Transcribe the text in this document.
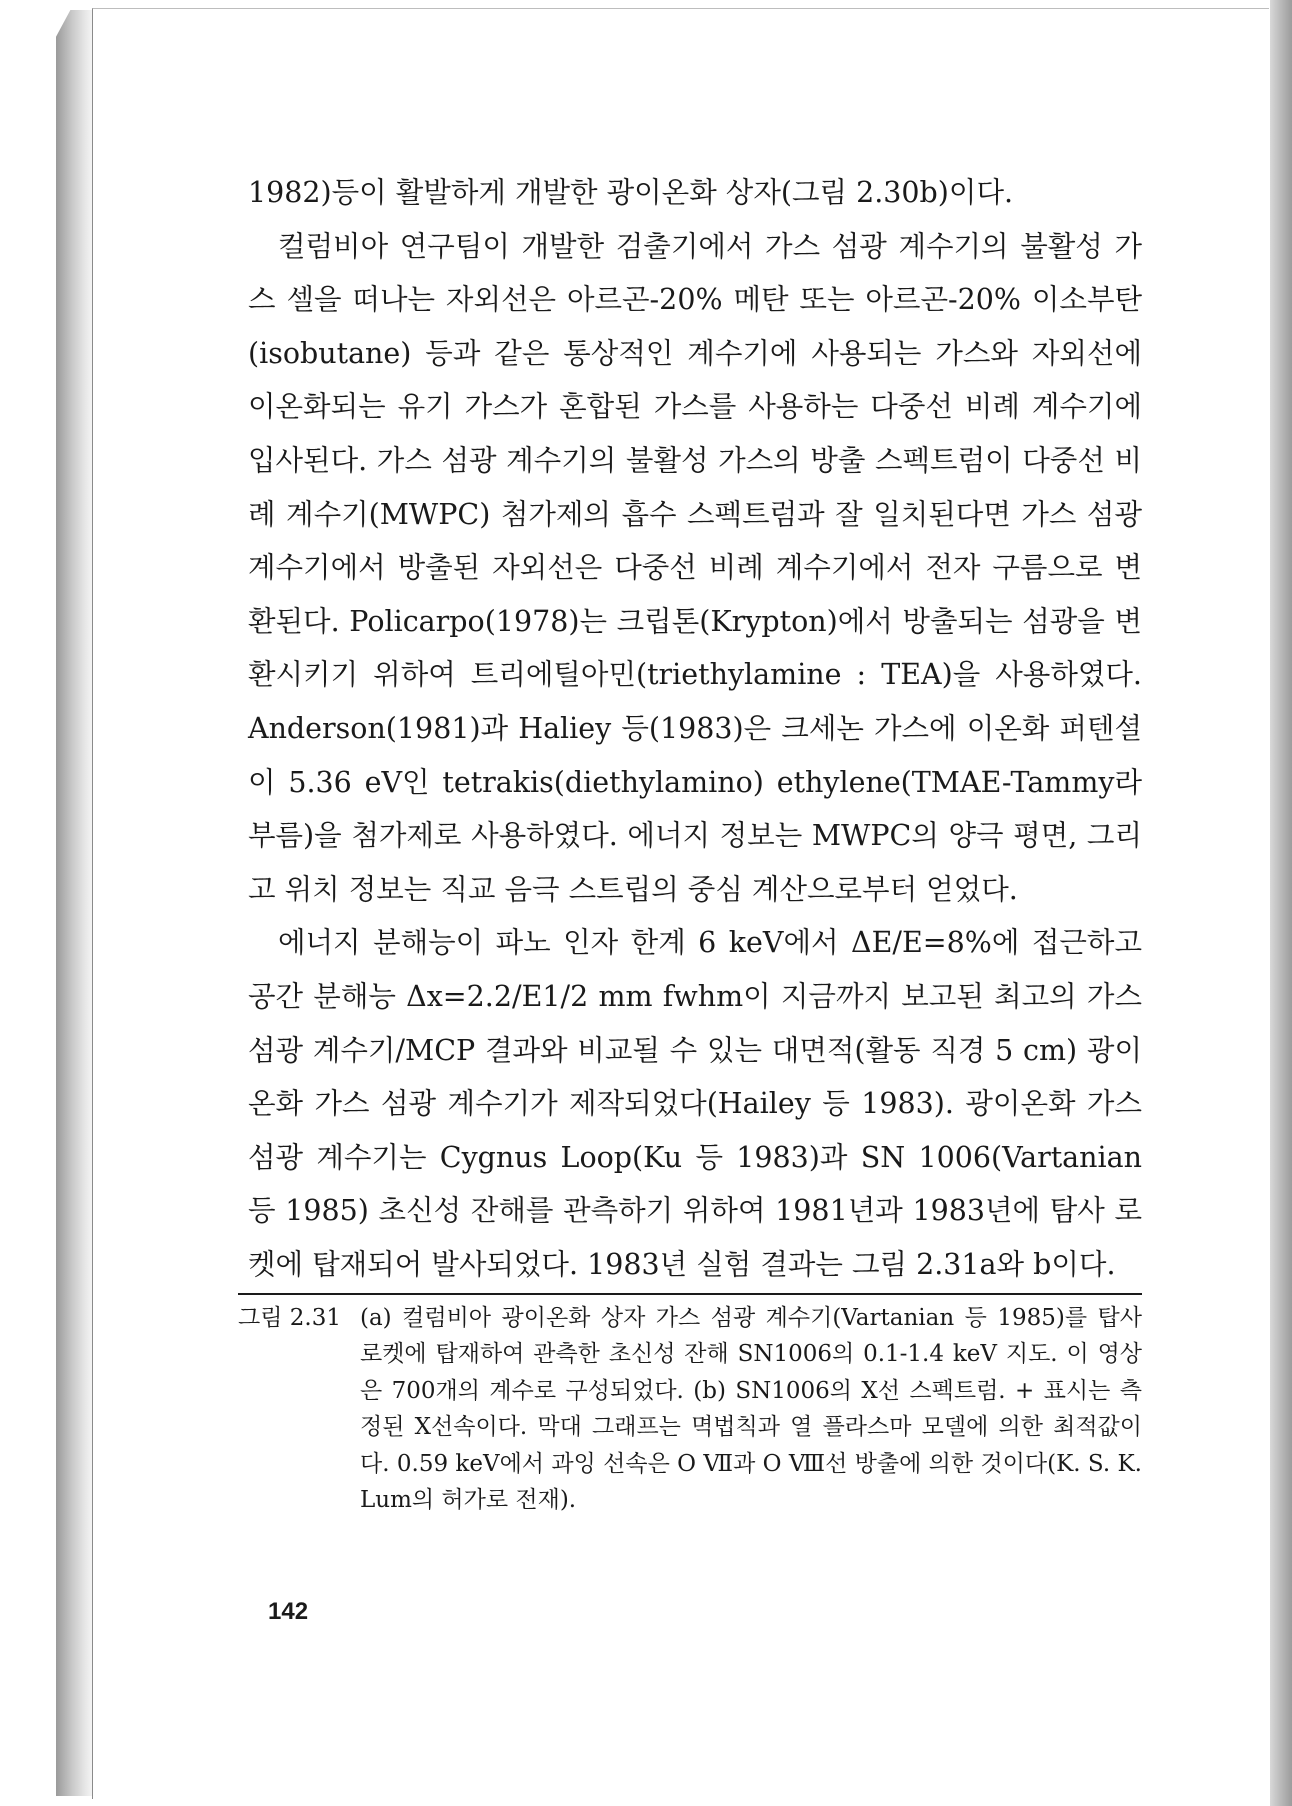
1982)등이 활발하게 개발한 광이온화 상자(그림 2.30b)이다.

컬럼비아 연구팀이 개발한 검출기에서 가스 섬광 계수기의 불활성 가스 셀을 떠나는 자외선은 아르곤-20% 메탄 또는 아르곤-20% 이소부탄(isobutane) 등과 같은 통상적인 계수기에 사용되는 가스와 자외선에 이온화되는 유기 가스가 혼합된 가스를 사용하는 다중선 비례 계수기에 입사된다. 가스 섬광 계수기의 불활성 가스의 방출 스펙트럼이 다중선 비례 계수기(MWPC) 첨가제의 흡수 스펙트럼과 잘 일치된다면 가스 섬광 계수기에서 방출된 자외선은 다중선 비례 계수기에서 전자 구름으로 변환된다. Policarpo(1978)는 크립톤(Krypton)에서 방출되는 섬광을 변환시키기 위하여 트리에틸아민(triethylamine : TEA)을 사용하였다. Anderson(1981)과 Haliey 등(1983)은 크세논 가스에 이온화 퍼텐셜이 5.36 eV인 tetrakis(diethylamino) ethylene(TMAE-Tammy라 부름)을 첨가제로 사용하였다. 에너지 정보는 MWPC의 양극 평면, 그리고 위치 정보는 직교 음극 스트립의 중심 계산으로부터 얻었다.

에너지 분해능이 파노 인자 한계 6 keV에서 ΔE/E=8%에 접근하고 공간 분해능 Δx=2.2/E1/2 mm fwhm이 지금까지 보고된 최고의 가스 섬광 계수기/MCP 결과와 비교될 수 있는 대면적(활동 직경 5 cm) 광이온화 가스 섬광 계수기가 제작되었다(Hailey 등 1983). 광이온화 가스 섬광 계수기는 Cygnus Loop(Ku 등 1983)과 SN 1006(Vartanian 등 1985) 초신성 잔해를 관측하기 위하여 1981년과 1983년에 탐사 로켓에 탑재되어 발사되었다. 1983년 실험 결과는 그림 2.31a와 b이다.

그림 2.31 (a) 컬럼비아 광이온화 상자 가스 섬광 계수기(Vartanian 등 1985)를 탑사 로켓에 탑재하여 관측한 초신성 잔해 SN1006의 0.1-1.4 keV 지도. 이 영상은 700개의 계수로 구성되었다. (b) SN1006의 X선 스펙트럼. + 표시는 측정된 X선속이다. 막대 그래프는 멱법칙과 열 플라스마 모델에 의한 최적값이다. 0.59 keV에서 과잉 선속은 O Ⅶ과 O Ⅷ선 방출에 의한 것이다(K. S. K. Lum의 허가로 전재).
142
